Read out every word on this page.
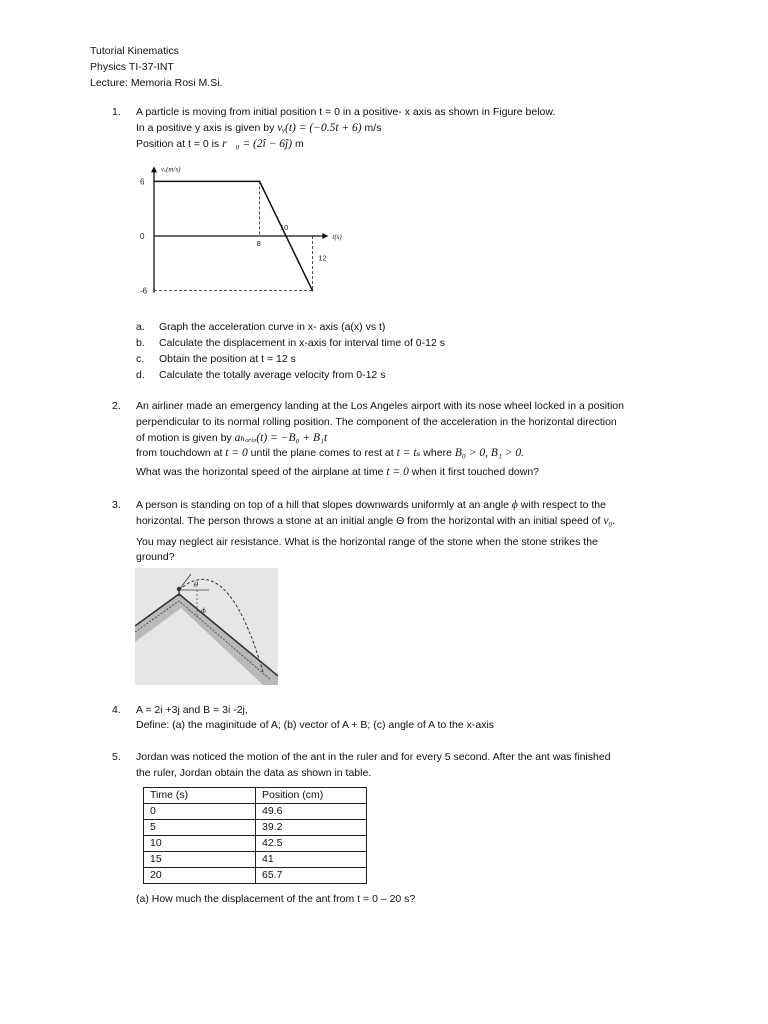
Tutorial Kinematics
Physics TI-37-INT
Lecture: Memoria Rosi M.Si.
1.	A particle is moving from initial position t = 0 in a positive- x axis as shown in Figure below.
In a positive y axis is given by vᵧ(t) = (−0.5t + 6) m/s
Position at t = 0 is r⃗₀ = (2î − 6ĵ) m
vₓ(m/s)
t(s)
6
0
-6
8
10
12
a. Graph the acceleration curve in x- axis (a(x) vs t)
b. Calculate the displacement in x-axis for interval time of 0-12 s
c. Obtain the position at t = 12 s
d. Calculate the totally average velocity from 0-12 s
2.	An airliner made an emergency landing at the Los Angeles airport with its nose wheel locked in a position
perpendicular to its normal rolling position. The component of the acceleration in the horizontal direction
of motion is given by aₕₒᵣᵢₔ(t) = −B₀ + B₁t
from touchdown at t = 0 until the plane comes to rest at t = tₛ where B₀ > 0, B₁ > 0.
What was the horizontal speed of the airplane at time t = 0 when it first touched down?
3.	A person is standing on top of a hill that slopes downwards uniformly at an angle ϕ with respect to the
horizontal. The person throws a stone at an initial angle Θ from the horizontal with an initial speed of v₀.
You may neglect air resistance. What is the horizontal range of the stone when the stone strikes the
ground?
θ
ϕ
4.	A = 2i +3j and B = 3i -2j,
Define: (a) the maginitude of A; (b) vector of A + B; (c) angle of A to the x-axis
5.	Jordan was noticed the motion of the ant in the ruler and for every 5 second. After the ant was finished
the ruler, Jordan obtain the data as shown in table.
Time (s)	Position (cm)
0	49.6
5	39.2
10	42.5
15	41
20	65.7
(a) How much the displacement of the ant from t = 0 – 20 s?
